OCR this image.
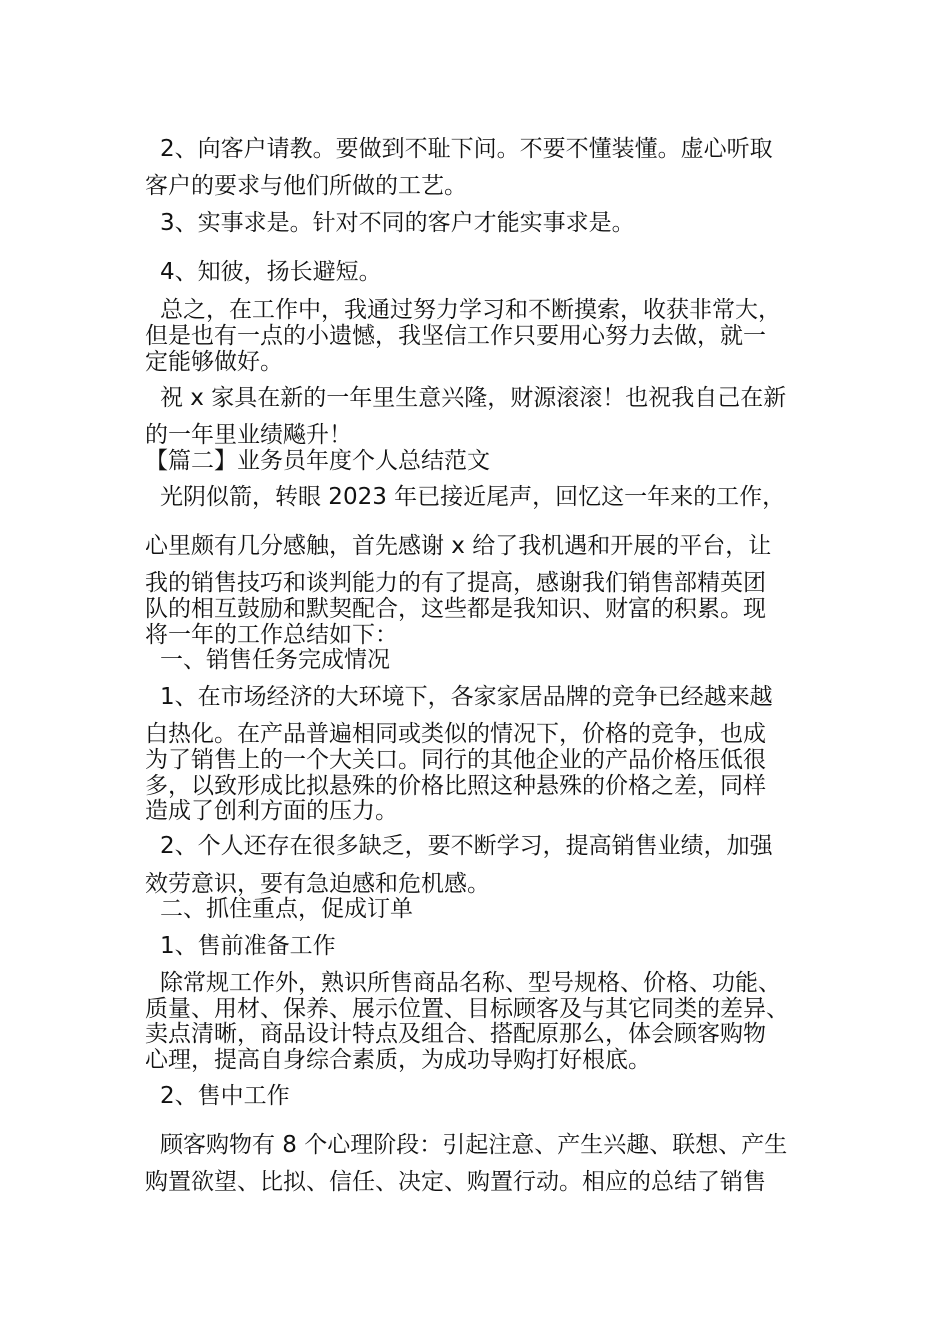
2、向客户请教。要做到不耻下问。不要不懂装懂。虚心听取
客户的要求与他们所做的工艺。
3、实事求是。针对不同的客户才能实事求是。
4、知彼，扬长避短。
总之，在工作中，我通过努力学习和不断摸索，收获非常大，
但是也有一点的小遗憾，我坚信工作只要用心努力去做，就一
定能够做好。
祝 x 家具在新的一年里生意兴隆，财源滚滚！也祝我自己在新
的一年里业绩飚升！
【篇二】业务员年度个人总结范文
光阴似箭，转眼 2023 年已接近尾声，回忆这一年来的工作，
心里颇有几分感触，首先感谢 x 给了我机遇和开展的平台，让
我的销售技巧和谈判能力的有了提高，感谢我们销售部精英团
队的相互鼓励和默契配合，这些都是我知识、财富的积累。现
将一年的工作总结如下：
一、销售任务完成情况
1、在市场经济的大环境下，各家家居品牌的竞争已经越来越
白热化。在产品普遍相同或类似的情况下，价格的竞争，也成
为了销售上的一个大关口。同行的其他企业的产品价格压低很
多，以致形成比拟悬殊的价格比照这种悬殊的价格之差，同样
造成了创利方面的压力。
2、个人还存在很多缺乏，要不断学习，提高销售业绩，加强
效劳意识，要有急迫感和危机感。
二、抓住重点，促成订单
1、售前准备工作
除常规工作外，熟识所售商品名称、型号规格、价格、功能、
质量、用材、保养、展示位置、目标顾客及与其它同类的差异、
卖点清晰，商品设计特点及组合、搭配原那么，体会顾客购物
心理，提高自身综合素质，为成功导购打好根底。
2、售中工作
顾客购物有 8 个心理阶段：引起注意、产生兴趣、联想、产生
购置欲望、比拟、信任、决定、购置行动。相应的总结了销售
